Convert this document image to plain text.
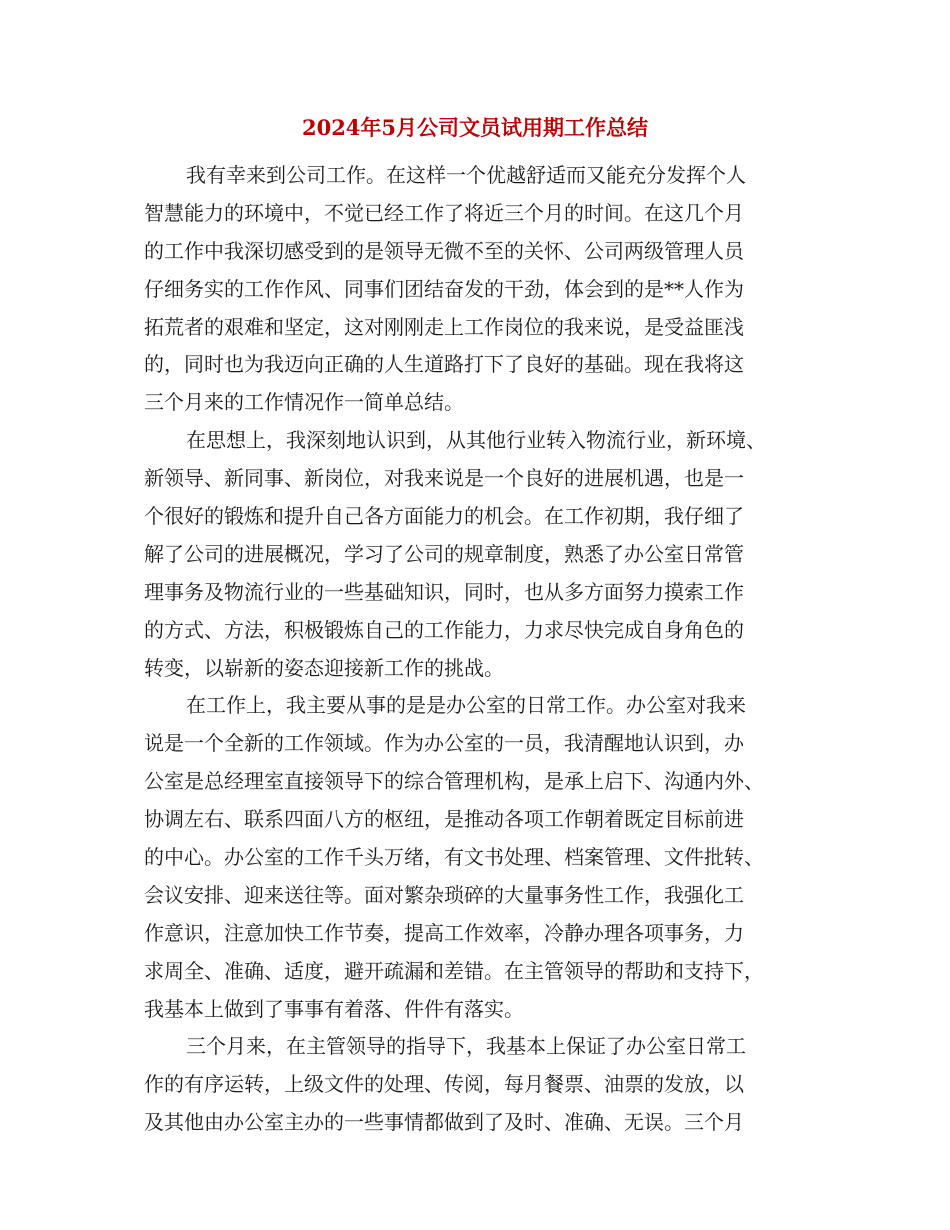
2024年5月公司文员试用期工作总结
我有幸来到公司工作。在这样一个优越舒适而又能充分发挥个人
智慧能力的环境中，不觉已经工作了将近三个月的时间。在这几个月
的工作中我深切感受到的是领导无微不至的关怀、公司两级管理人员
仔细务实的工作作风、同事们团结奋发的干劲，体会到的是**人作为
拓荒者的艰难和坚定，这对刚刚走上工作岗位的我来说，是受益匪浅
的，同时也为我迈向正确的人生道路打下了良好的基础。现在我将这
三个月来的工作情况作一简单总结。
在思想上，我深刻地认识到，从其他行业转入物流行业，新环境、
新领导、新同事、新岗位，对我来说是一个良好的进展机遇，也是一
个很好的锻炼和提升自己各方面能力的机会。在工作初期，我仔细了
解了公司的进展概况，学习了公司的规章制度，熟悉了办公室日常管
理事务及物流行业的一些基础知识，同时，也从多方面努力摸索工作
的方式、方法，积极锻炼自己的工作能力，力求尽快完成自身角色的
转变，以崭新的姿态迎接新工作的挑战。
在工作上，我主要从事的是是办公室的日常工作。办公室对我来
说是一个全新的工作领域。作为办公室的一员，我清醒地认识到，办
公室是总经理室直接领导下的综合管理机构，是承上启下、沟通内外、
协调左右、联系四面八方的枢纽，是推动各项工作朝着既定目标前进
的中心。办公室的工作千头万绪，有文书处理、档案管理、文件批转、
会议安排、迎来送往等。面对繁杂琐碎的大量事务性工作，我强化工
作意识，注意加快工作节奏，提高工作效率，冷静办理各项事务，力
求周全、准确、适度，避开疏漏和差错。在主管领导的帮助和支持下，
我基本上做到了事事有着落、件件有落实。
三个月来，在主管领导的指导下，我基本上保证了办公室日常工
作的有序运转，上级文件的处理、传阅，每月餐票、油票的发放，以
及其他由办公室主办的一些事情都做到了及时、准确、无误。三个月
